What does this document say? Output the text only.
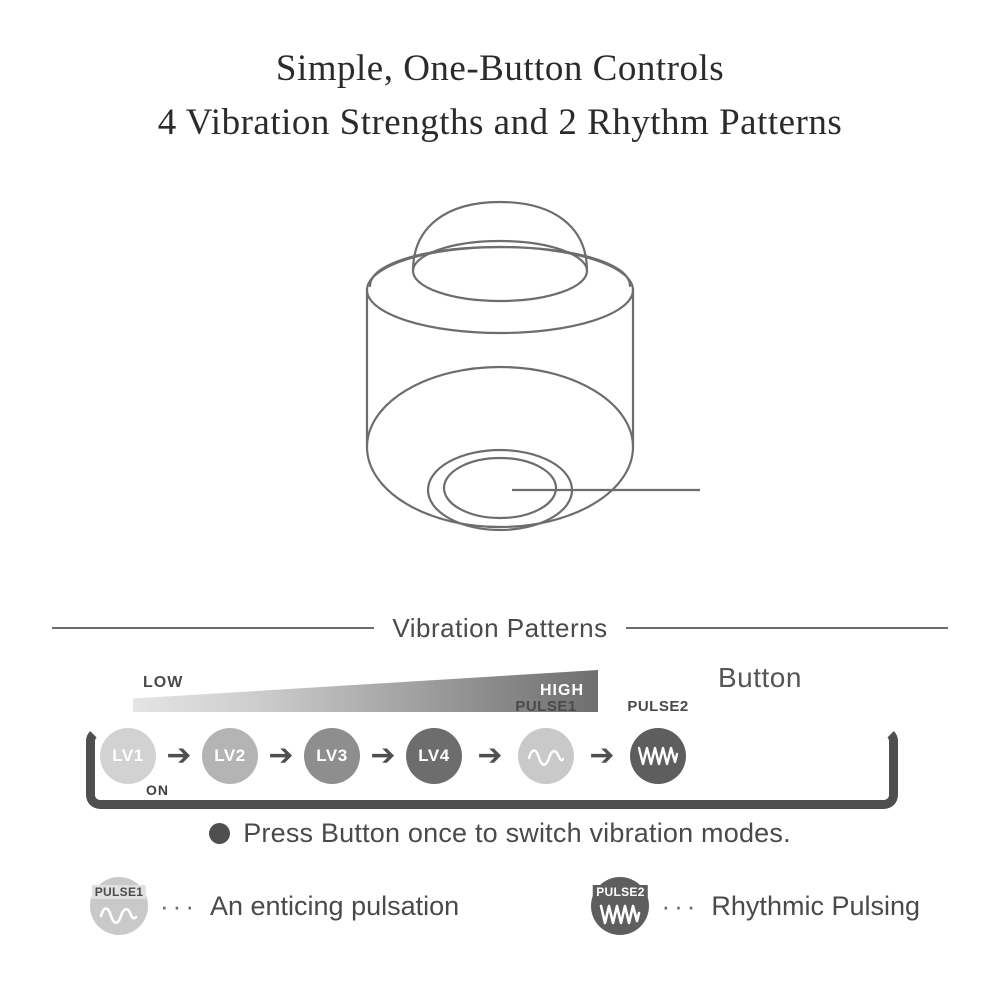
Simple, One-Button Controls
4 Vibration Strengths and 2 Rhythm Patterns
Button
Vibration Patterns
LOW	HIGH
ON
LV1 ➔	LV2 ➔	LV3 ➔	LV4 ➔
PULSE1
➔
PULSE2
Press Button once to switch vibration modes.
PULSE1 ··· An enticing pulsation	PULSE2 ··· Rhythmic Pulsing
